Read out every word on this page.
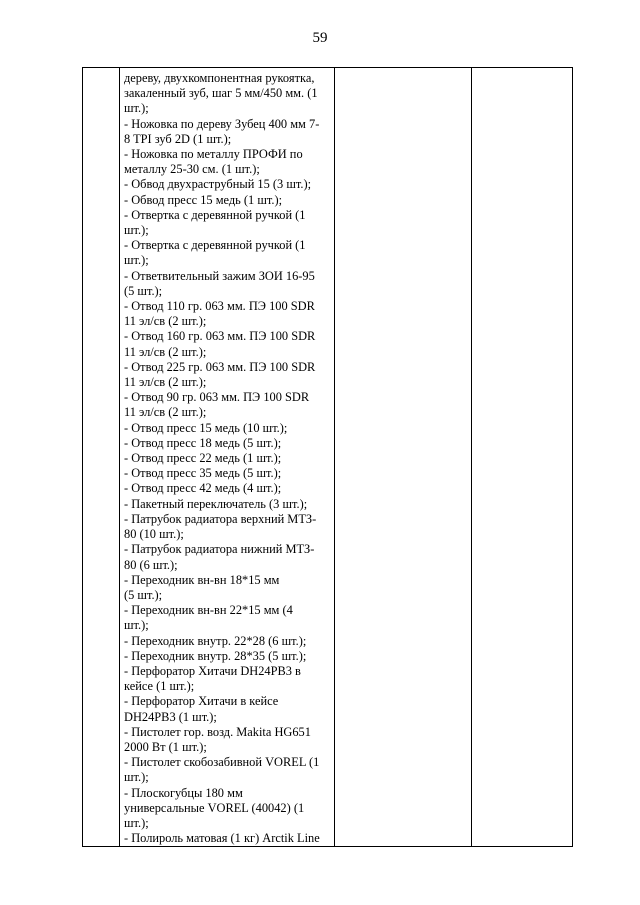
59

дереву, двухкомпонентная рукоятка,
закаленный зуб, шаг 5 мм/450 мм. (1
шт.);
- Ножовка по дереву Зубец 400 мм 7-
8 TPI зуб 2D (1 шт.);
- Ножовка по металлу ПРОФИ по
металлу 25-30 см. (1 шт.);
- Обвод двухраструбный 15 (3 шт.);
- Обвод пресс 15 медь (1 шт.);
- Отвертка с деревянной ручкой (1
шт.);
- Отвертка с деревянной ручкой (1
шт.);
- Ответвительный зажим ЗОИ 16-95
(5 шт.);
- Отвод 110 гр. 063 мм. ПЭ 100 SDR
11 эл/св (2 шт.);
- Отвод 160 гр. 063 мм. ПЭ 100 SDR
11 эл/св (2 шт.);
- Отвод 225 гр. 063 мм. ПЭ 100 SDR
11 эл/св (2 шт.);
- Отвод 90 гр. 063 мм. ПЭ 100 SDR
11 эл/св (2 шт.);
- Отвод пресс 15 медь (10 шт.);
- Отвод пресс 18 медь (5 шт.);
- Отвод пресс 22 медь (1 шт.);
- Отвод пресс 35 медь (5 шт.);
- Отвод пресс 42 медь (4 шт.);
- Пакетный переключатель (3 шт.);
- Патрубок радиатора верхний МТЗ-
80 (10 шт.);
- Патрубок радиатора нижний МТЗ-
80 (6 шт.);
- Переходник вн-вн 18*15 мм
(5 шт.);
- Переходник вн-вн 22*15 мм (4
шт.);
- Переходник внутр. 22*28 (6 шт.);
- Переходник внутр. 28*35 (5 шт.);
- Перфоратор Хитачи DH24PB3 в
кейсе (1 шт.);
- Перфоратор Хитачи в кейсе
DH24PB3 (1 шт.);
- Пистолет гор. возд. Makita HG651
2000 Вт (1 шт.);
- Пистолет скобозабивной VOREL (1
шт.);
- Плоскогубцы 180 мм
универсальные VOREL (40042) (1
шт.);
- Полироль матовая (1 кг) Arctik Line
